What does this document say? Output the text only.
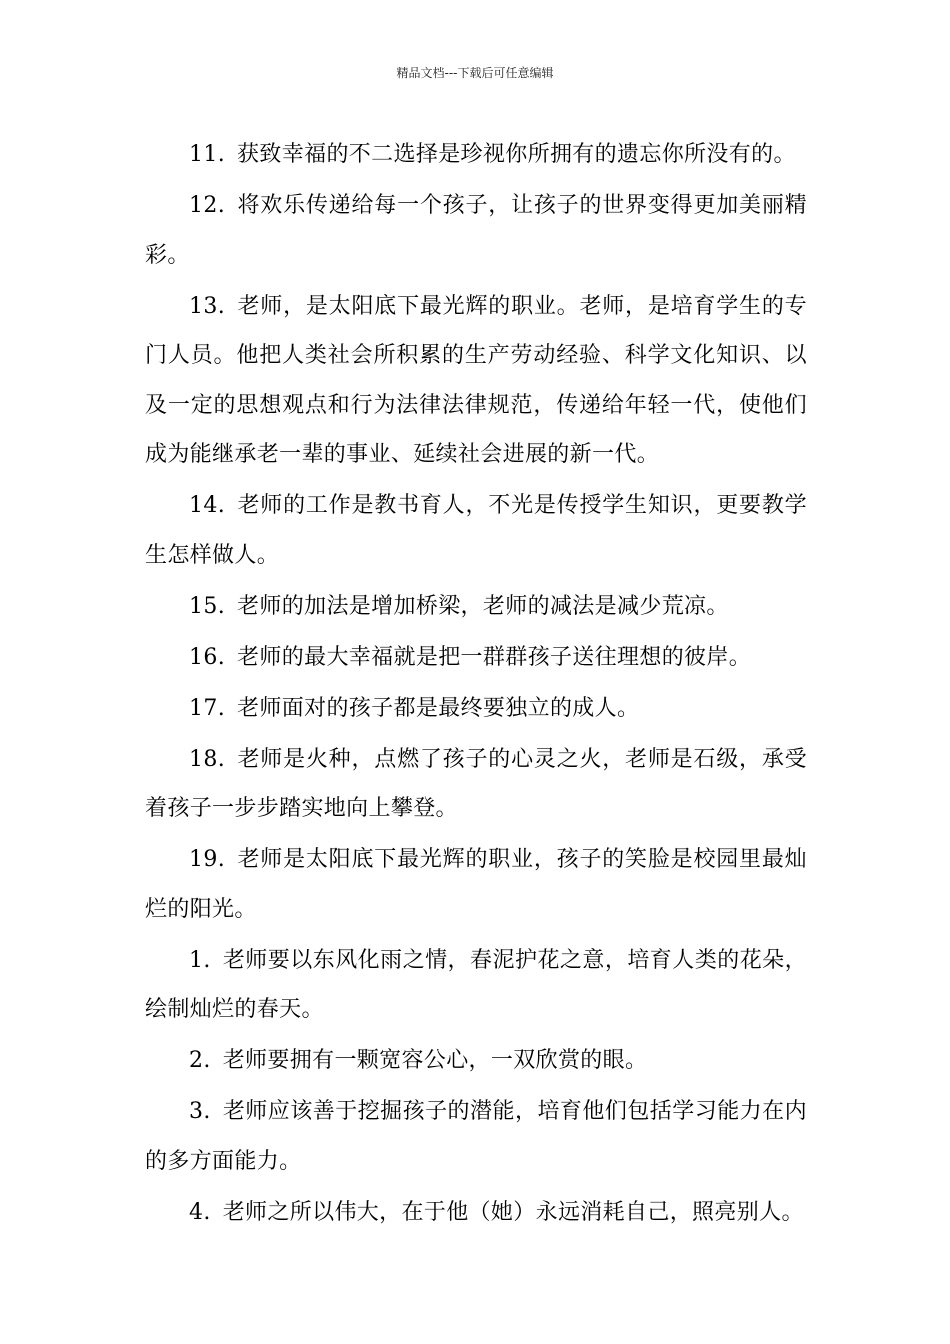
精品文档---下载后可任意编辑

11. 获致幸福的不二选择是珍视你所拥有的遗忘你所没有的。

12. 将欢乐传递给每一个孩子，让孩子的世界变得更加美丽精彩。

13. 老师，是太阳底下最光辉的职业。老师，是培育学生的专门人员。他把人类社会所积累的生产劳动经验、科学文化知识、以及一定的思想观点和行为法律法律规范，传递给年轻一代，使他们成为能继承老一辈的事业、延续社会进展的新一代。

14. 老师的工作是教书育人，不光是传授学生知识，更要教学生怎样做人。

15. 老师的加法是增加桥梁，老师的减法是减少荒凉。

16. 老师的最大幸福就是把一群群孩子送往理想的彼岸。

17. 老师面对的孩子都是最终要独立的成人。

18. 老师是火种，点燃了孩子的心灵之火，老师是石级，承受着孩子一步步踏实地向上攀登。

19. 老师是太阳底下最光辉的职业，孩子的笑脸是校园里最灿烂的阳光。

1. 老师要以东风化雨之情，春泥护花之意，培育人类的花朵，绘制灿烂的春天。

2. 老师要拥有一颗宽容公心，一双欣赏的眼。

3. 老师应该善于挖掘孩子的潜能，培育他们包括学习能力在内的多方面能力。

4. 老师之所以伟大，在于他（她）永远消耗自己，照亮别人。
